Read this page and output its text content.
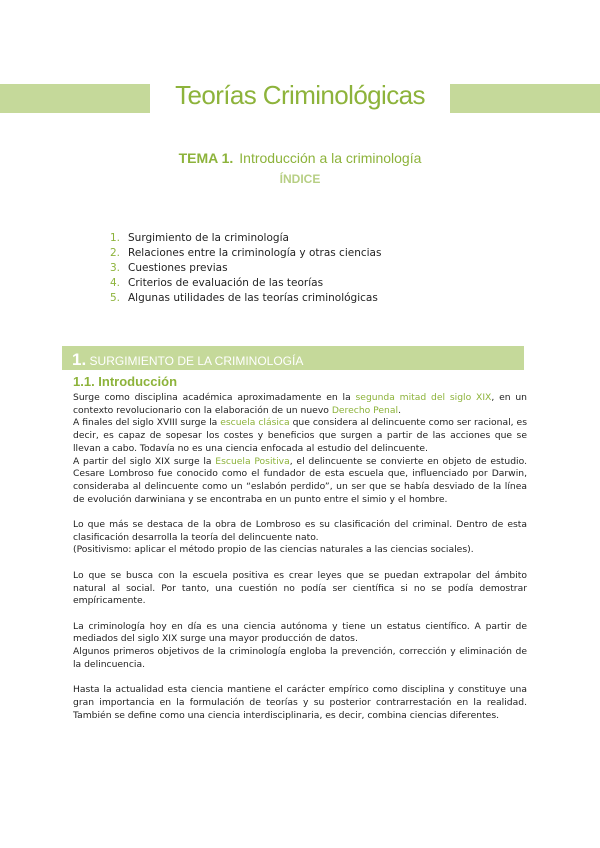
Teorías Criminológicas
TEMA 1. Introducción a la criminología
ÍNDICE
1. Surgimiento de la criminología
2. Relaciones entre la criminología y otras ciencias
3. Cuestiones previas
4. Criterios de evaluación de las teorías
5. Algunas utilidades de las teorías criminológicas
1. SURGIMIENTO DE LA CRIMINOLOGÍA
1.1. Introducción

Surge como disciplina académica aproximadamente en la segunda mitad del siglo XIX, en un contexto revolucionario con la elaboración de un nuevo Derecho Penal.

A finales del siglo XVIII surge la escuela clásica que considera al delincuente como ser racional, es decir, es capaz de sopesar los costes y beneficios que surgen a partir de las acciones que se llevan a cabo. Todavía no es una ciencia enfocada al estudio del delincuente.

A partir del siglo XIX surge la Escuela Positiva, el delincuente se convierte en objeto de estudio. Cesare Lombroso fue conocido como el fundador de esta escuela que, influenciado por Darwin, consideraba al delincuente como un “eslabón perdido”, un ser que se había desviado de la línea de evolución darwiniana y se encontraba en un punto entre el simio y el hombre.

Lo que más se destaca de la obra de Lombroso es su clasificación del criminal. Dentro de esta clasificación desarrolla la teoría del delincuente nato.

(Positivismo: aplicar el método propio de las ciencias naturales a las ciencias sociales).

Lo que se busca con la escuela positiva es crear leyes que se puedan extrapolar del ámbito natural al social. Por tanto, una cuestión no podía ser científica si no se podía demostrar empíricamente.

La criminología hoy en día es una ciencia autónoma y tiene un estatus científico. A partir de mediados del siglo XIX surge una mayor producción de datos.

Algunos primeros objetivos de la criminología engloba la prevención, corrección y eliminación de la delincuencia.

Hasta la actualidad esta ciencia mantiene el carácter empírico como disciplina y constituye una gran importancia en la formulación de teorías y su posterior contrarrestación en la realidad. También se define como una ciencia interdisciplinaria, es decir, combina ciencias diferentes.
